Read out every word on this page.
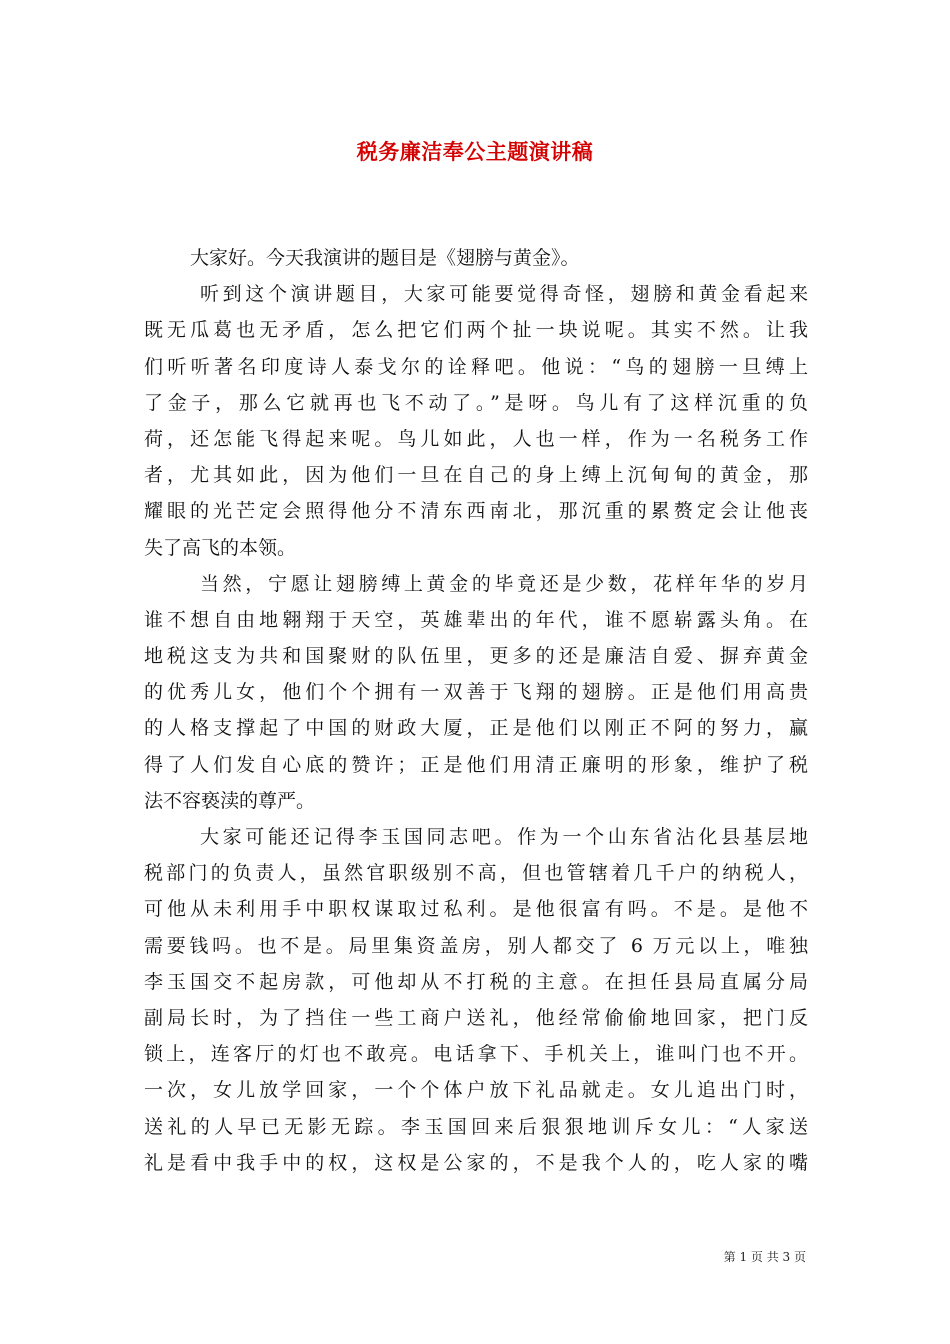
税务廉洁奉公主题演讲稿
大家好。今天我演讲的题目是《翅膀与黄金》。
听到这个演讲题目，大家可能要觉得奇怪，翅膀和黄金看起来
既无瓜葛也无矛盾，怎么把它们两个扯一块说呢。其实不然。让我
们听听著名印度诗人泰戈尔的诠释吧。他说：“鸟的翅膀一旦缚上
了金子，那么它就再也飞不动了。”是呀。鸟儿有了这样沉重的负
荷，还怎能飞得起来呢。鸟儿如此，人也一样，作为一名税务工作
者，尤其如此，因为他们一旦在自己的身上缚上沉甸甸的黄金，那
耀眼的光芒定会照得他分不清东西南北，那沉重的累赘定会让他丧
失了高飞的本领。
当然，宁愿让翅膀缚上黄金的毕竟还是少数，花样年华的岁月
谁不想自由地翱翔于天空，英雄辈出的年代，谁不愿崭露头角。在
地税这支为共和国聚财的队伍里，更多的还是廉洁自爱、摒弃黄金
的优秀儿女，他们个个拥有一双善于飞翔的翅膀。正是他们用高贵
的人格支撑起了中国的财政大厦，正是他们以刚正不阿的努力，赢
得了人们发自心底的赞许；正是他们用清正廉明的形象，维护了税
法不容亵渎的尊严。
大家可能还记得李玉国同志吧。作为一个山东省沾化县基层地
税部门的负责人，虽然官职级别不高，但也管辖着几千户的纳税人，
可他从未利用手中职权谋取过私利。是他很富有吗。不是。是他不
需要钱吗。也不是。局里集资盖房，别人都交了 6 万元以上，唯独
李玉国交不起房款，可他却从不打税的主意。在担任县局直属分局
副局长时，为了挡住一些工商户送礼，他经常偷偷地回家，把门反
锁上，连客厅的灯也不敢亮。电话拿下、手机关上，谁叫门也不开。
一次，女儿放学回家，一个个体户放下礼品就走。女儿追出门时，
送礼的人早已无影无踪。李玉国回来后狠狠地训斥女儿：“人家送
礼是看中我手中的权，这权是公家的，不是我个人的，吃人家的嘴
第 1 页 共 3 页
